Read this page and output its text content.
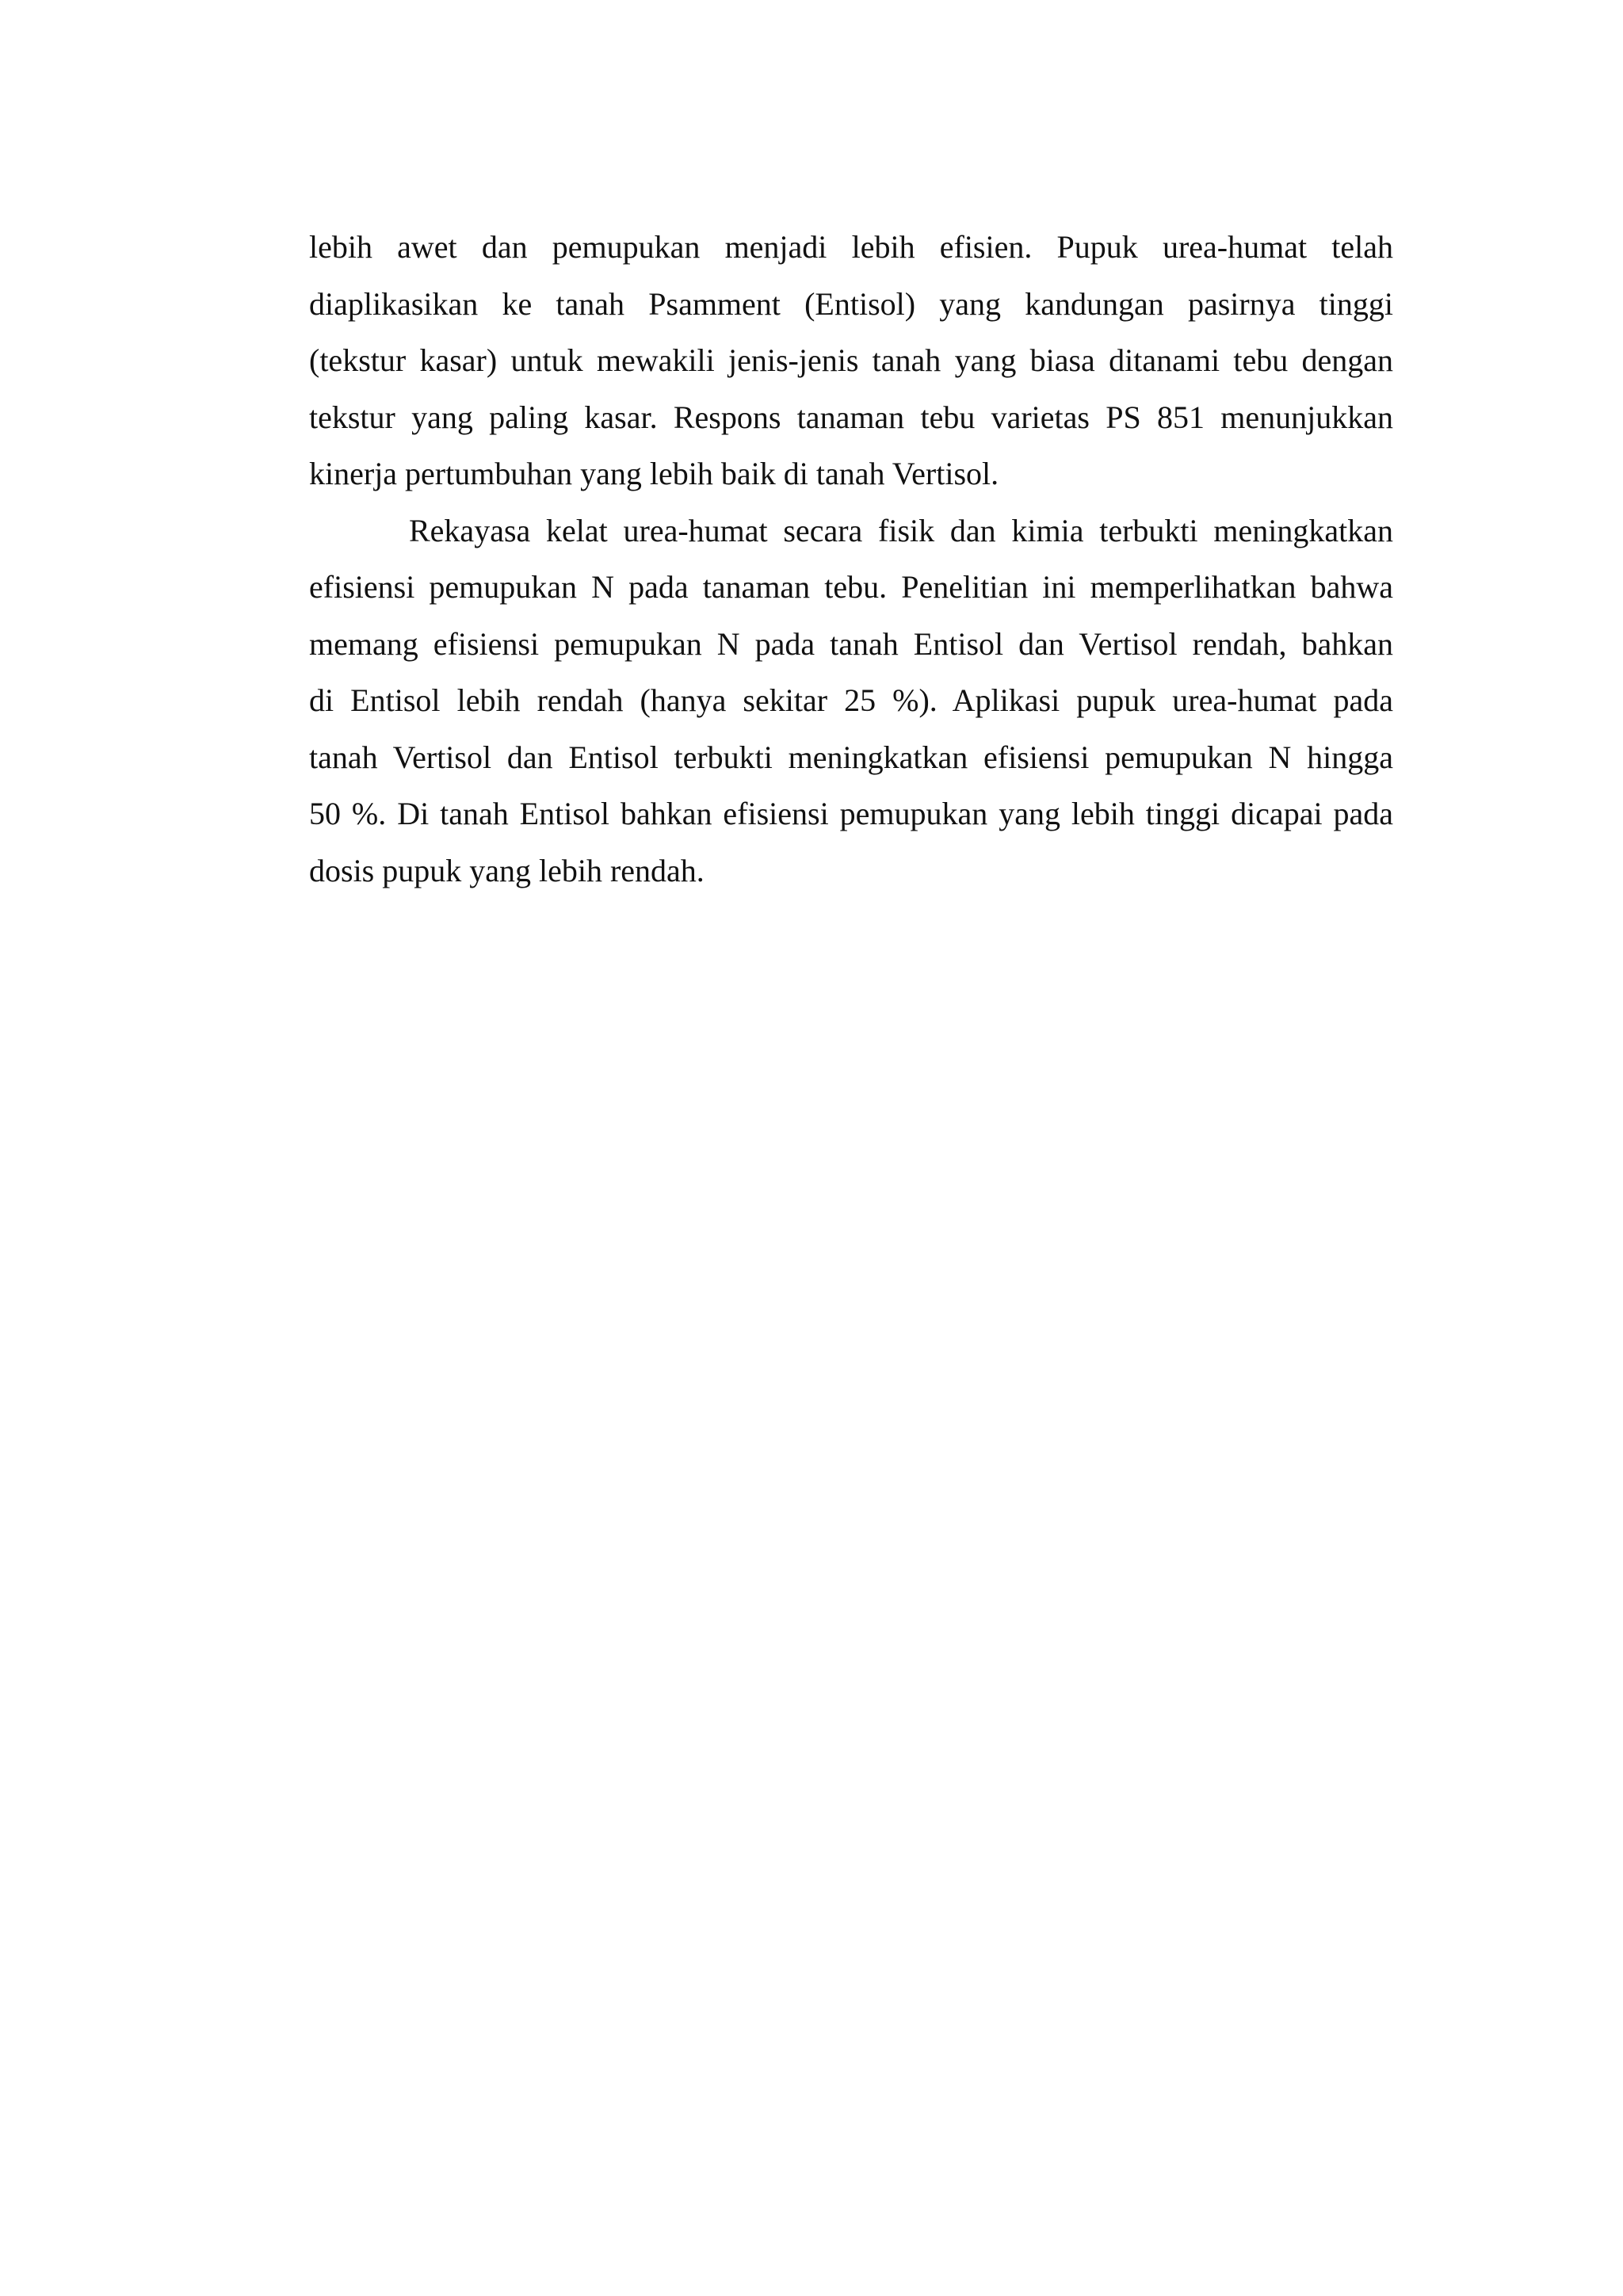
lebih awet dan pemupukan menjadi lebih efisien. Pupuk urea-humat telah
diaplikasikan ke tanah Psamment (Entisol) yang kandungan pasirnya tinggi
(tekstur kasar) untuk mewakili jenis-jenis tanah yang biasa ditanami tebu dengan
tekstur yang paling kasar. Respons tanaman tebu varietas PS 851 menunjukkan
kinerja pertumbuhan yang lebih baik di tanah Vertisol.
Rekayasa kelat urea-humat secara fisik dan kimia terbukti meningkatkan
efisiensi pemupukan N pada tanaman tebu. Penelitian ini memperlihatkan bahwa
memang efisiensi pemupukan N pada tanah Entisol dan Vertisol rendah, bahkan
di Entisol lebih rendah (hanya sekitar 25 %). Aplikasi pupuk urea-humat pada
tanah Vertisol dan Entisol terbukti meningkatkan efisiensi pemupukan N hingga
50 %. Di tanah Entisol bahkan efisiensi pemupukan yang lebih tinggi dicapai pada
dosis pupuk yang lebih rendah.
